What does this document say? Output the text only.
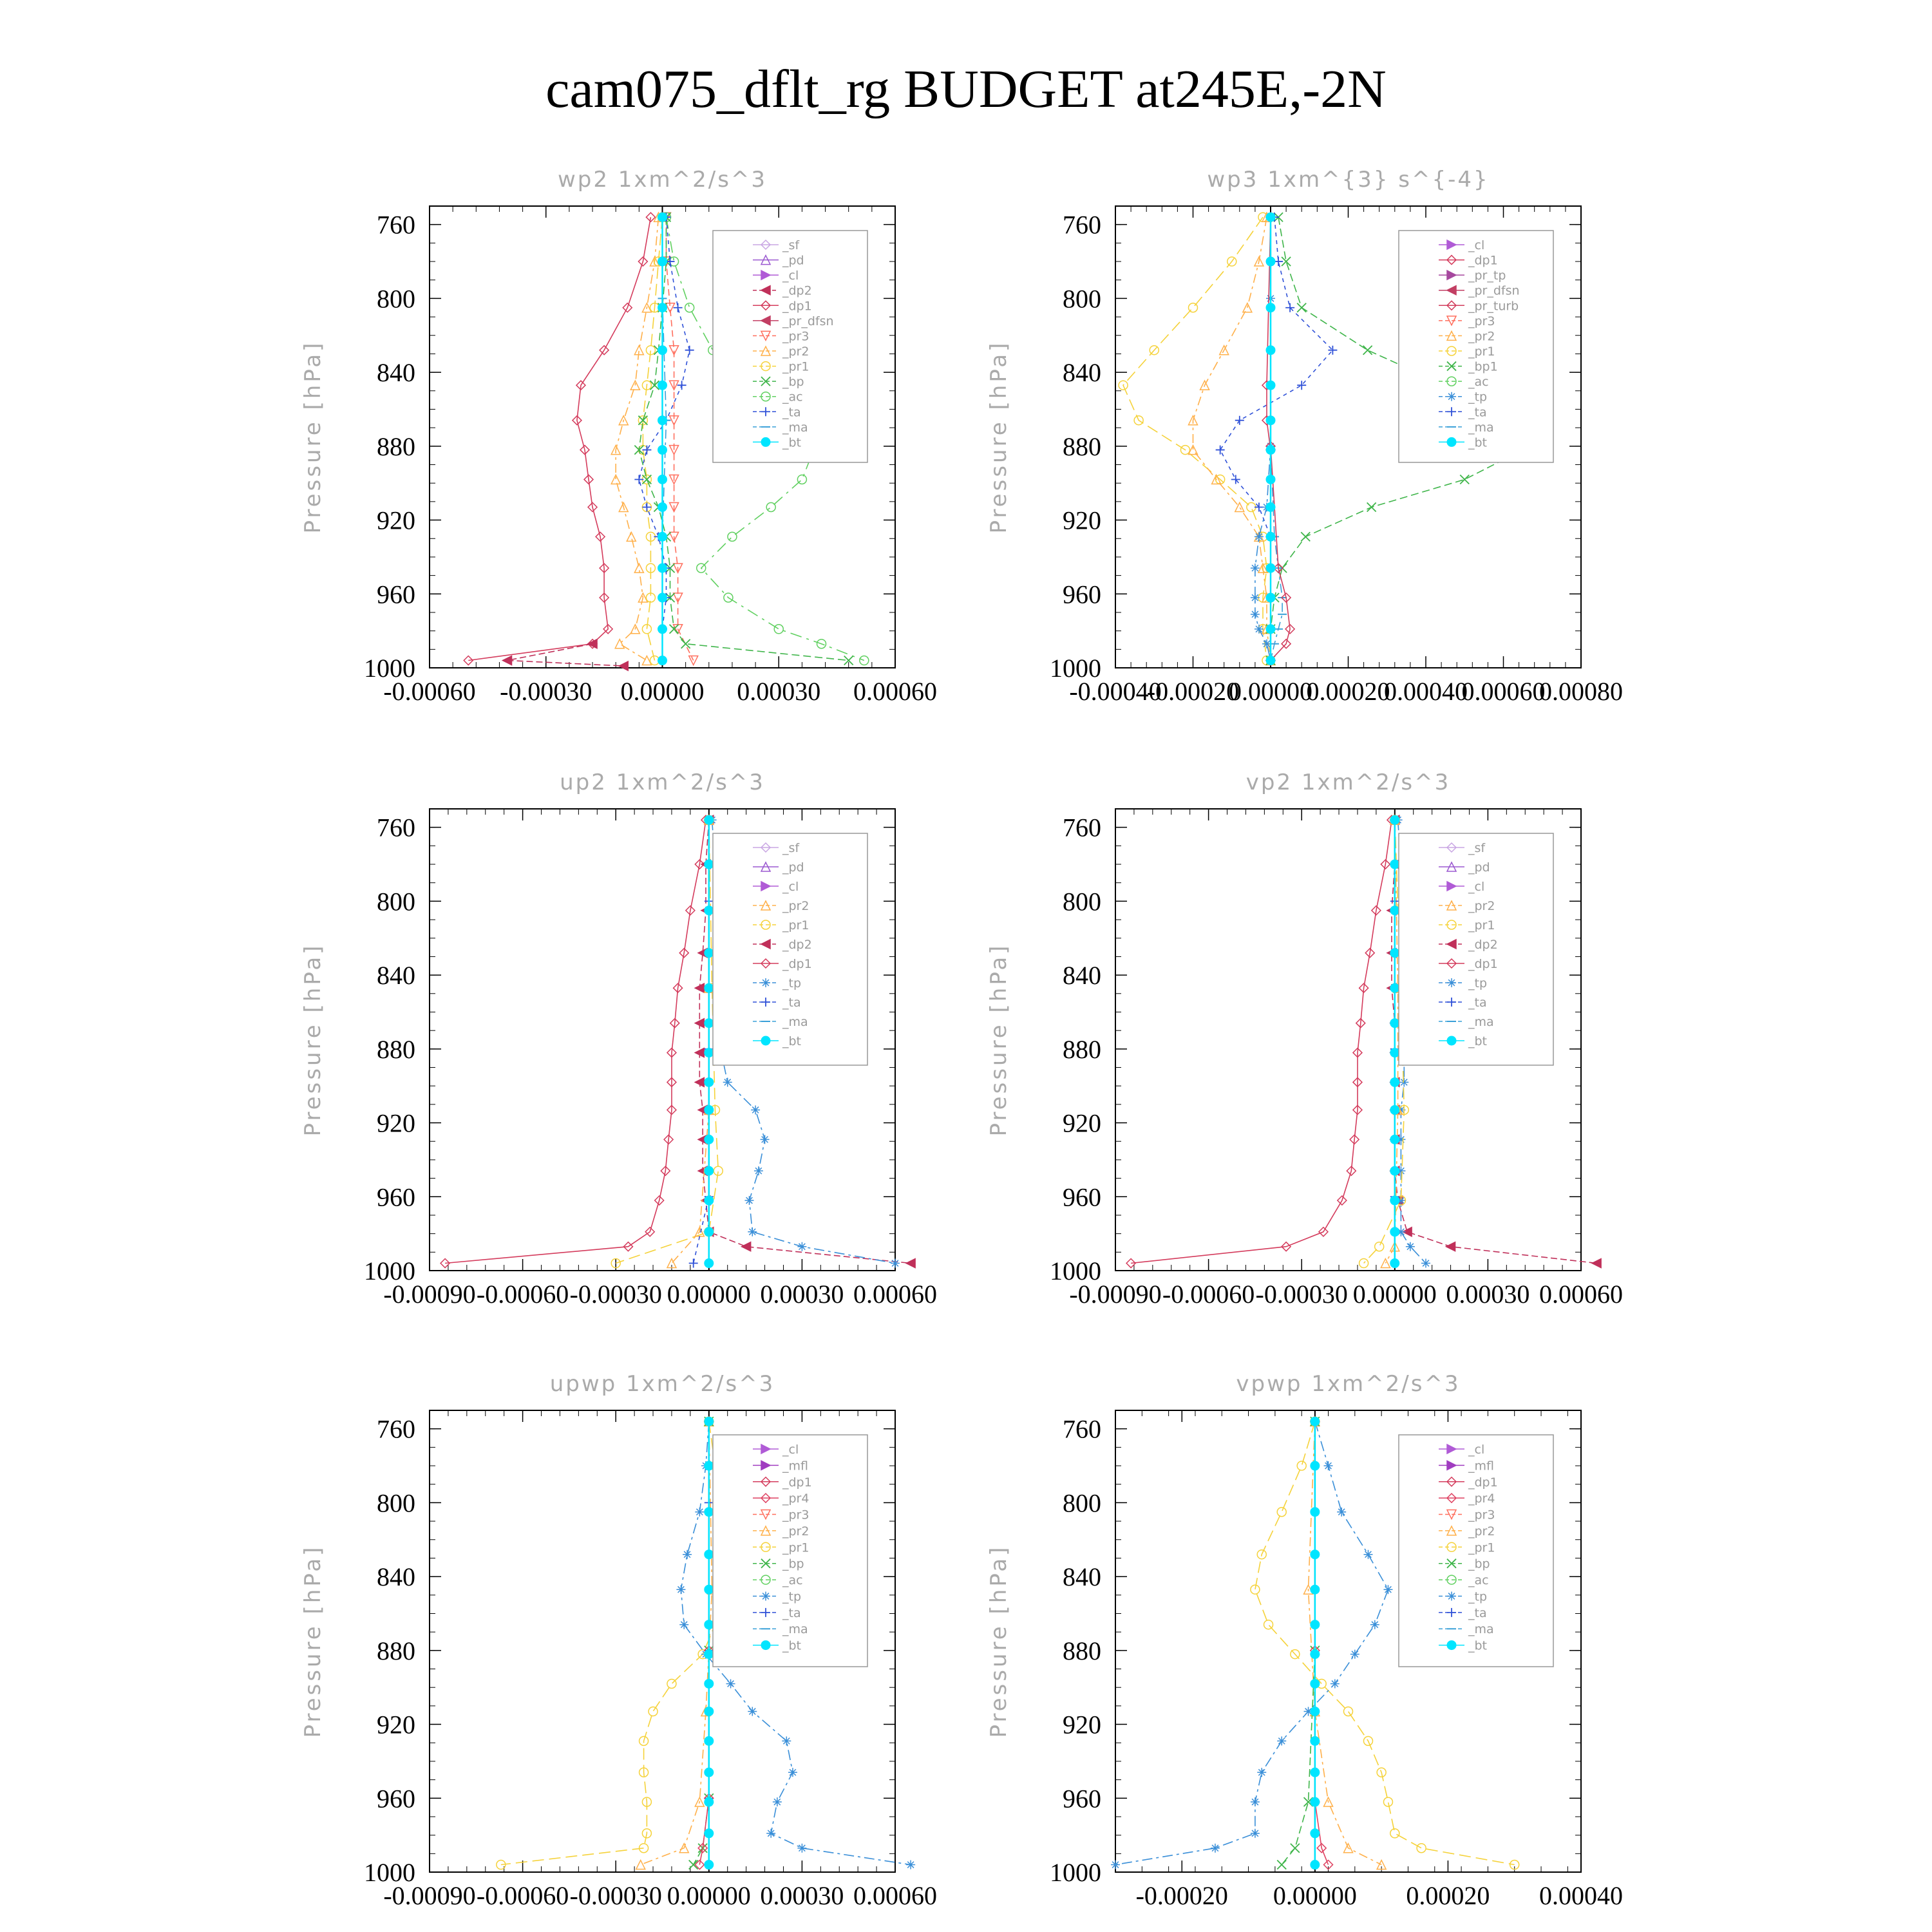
cam075_dflt_rg BUDGET at245E,-2N
wp2 1xm^2/s^3
Pressure [hPa]
760
800
840
880
920
960
1000
-0.00060 -0.00030 0.00000 0.00030 0.00060
_sf
_pd
_cl
_dp2
_dp1
_pr_dfsn
_pr3
_pr2
_pr1
_bp
_ac
_ta
_ma
_bt
wp3 1xm^{3} s^{-4}
Pressure [hPa]
760
800
840
880
920
960
1000
-0.00040
-0.00020
0.00000
0.00020
0.00040
0.00060
0.00080
_cl
_dp1
_pr_tp
_pr_dfsn
_pr_turb
_pr3
_pr2
_pr1
_bp1
_ac
_tp
_ta
_ma
_bt
up2 1xm^2/s^3
Pressure [hPa]
760
800
840
880
920
960
1000
-0.00090 -0.00060 -0.00030 0.00000 0.00030 0.00060
_sf
_pd
_cl
_pr2
_pr1
_dp2
_dp1
_tp
_ta
_ma
_bt
vp2 1xm^2/s^3
Pressure [hPa]
760
800
840
880
920
960
1000
-0.00090 -0.00060 -0.00030 0.00000 0.00030 0.00060
_sf
_pd
_cl
_pr2
_pr1
_dp2
_dp1
_tp
_ta
_ma
_bt
upwp 1xm^2/s^3
Pressure [hPa]
760
800
840
880
920
960
1000
-0.00090 -0.00060 -0.00030 0.00000 0.00030 0.00060
_cl
_mfl
_dp1
_pr4
_pr3
_pr2
_pr1
_bp
_ac
_tp
_ta
_ma
_bt
vpwp 1xm^2/s^3
Pressure [hPa]
760
800
840
880
920
960
1000
-0.00020 0.00000 0.00020 0.00040
_cl
_mfl
_dp1
_pr4
_pr3
_pr2
_pr1
_bp
_ac
_tp
_ta
_ma
_bt
